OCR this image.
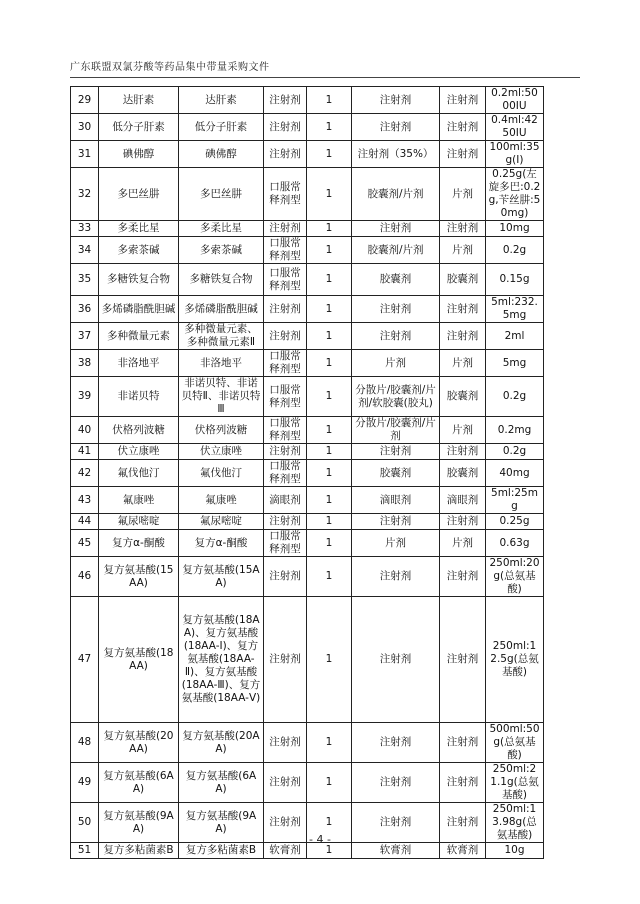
广东联盟双氯芬酸等药品集中带量采购文件
29	达肝素	达肝素	注射剂	1	注射剂	注射剂	0.2ml:5000IU
30	低分子肝素	低分子肝素	注射剂	1	注射剂	注射剂	0.4ml:4250IU
31	碘佛醇	碘佛醇	注射剂	1	注射剂（35%）	注射剂	100ml:35g(I)
32	多巴丝肼	多巴丝肼	口服常释剂型	1	胶囊剂/片剂	片剂	0.25g(左旋多巴:0.2g,苄丝肼:50mg)
33	多柔比星	多柔比星	注射剂	1	注射剂	注射剂	10mg
34	多索茶碱	多索茶碱	口服常释剂型	1	胶囊剂/片剂	片剂	0.2g
35	多糖铁复合物	多糖铁复合物	口服常释剂型	1	胶囊剂	胶囊剂	0.15g
36	多烯磷脂酰胆碱	多烯磷脂酰胆碱	注射剂	1	注射剂	注射剂	5ml:232.5mg
37	多种微量元素	多种微量元素、多种微量元素Ⅱ	注射剂	1	注射剂	注射剂	2ml
38	非洛地平	非洛地平	口服常释剂型	1	片剂	片剂	5mg
39	非诺贝特	非诺贝特、非诺贝特Ⅱ、非诺贝特Ⅲ	口服常释剂型	1	分散片/胶囊剂/片剂/软胶囊(胶丸)	胶囊剂	0.2g
40	伏格列波糖	伏格列波糖	口服常释剂型	1	分散片/胶囊剂/片剂	片剂	0.2mg
41	伏立康唑	伏立康唑	注射剂	1	注射剂	注射剂	0.2g
42	氟伐他汀	氟伐他汀	口服常释剂型	1	胶囊剂	胶囊剂	40mg
43	氟康唑	氟康唑	滴眼剂	1	滴眼剂	滴眼剂	5ml:25mg
44	氟尿嘧啶	氟尿嘧啶	注射剂	1	注射剂	注射剂	0.25g
45	复方α-酮酸	复方α-酮酸	口服常释剂型	1	片剂	片剂	0.63g
46	复方氨基酸(15AA)	复方氨基酸(15AA)	注射剂	1	注射剂	注射剂	250ml:20g(总氨基酸)
47	复方氨基酸(18AA)	复方氨基酸(18AA)、复方氨基酸(18AA-Ⅰ)、复方氨基酸(18AA-Ⅱ)、复方氨基酸(18AA-Ⅲ)、复方氨基酸(18AA-Ⅴ)	注射剂	1	注射剂	注射剂	250ml:12.5g(总氨基酸)
48	复方氨基酸(20AA)	复方氨基酸(20AA)	注射剂	1	注射剂	注射剂	500ml:50g(总氨基酸)
49	复方氨基酸(6AA)	复方氨基酸(6AA)	注射剂	1	注射剂	注射剂	250ml:21.1g(总氨基酸)
50	复方氨基酸(9AA)	复方氨基酸(9AA)	注射剂	1	注射剂	注射剂	250ml:13.98g(总氨基酸)
51	复方多粘菌素B	复方多粘菌素B	软膏剂	1	软膏剂	软膏剂	10g
- 4 -
